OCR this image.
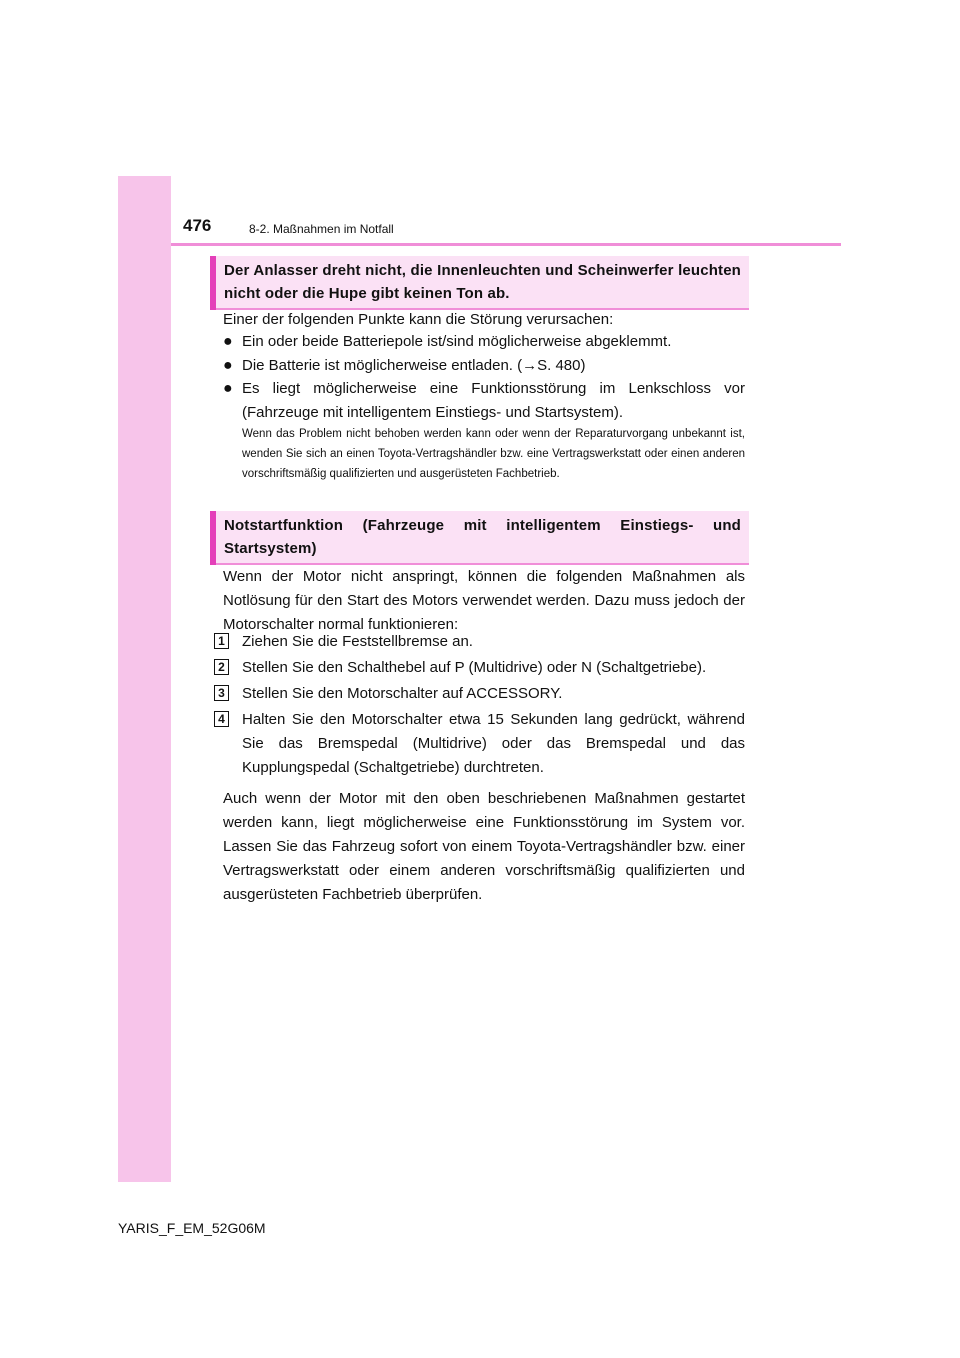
476	8-2. Maßnahmen im Notfall
Der Anlasser dreht nicht, die Innenleuchten und Scheinwerfer leuchten nicht oder die Hupe gibt keinen Ton ab.
Einer der folgenden Punkte kann die Störung verursachen:
● Ein oder beide Batteriepole ist/sind möglicherweise abgeklemmt.
● Die Batterie ist möglicherweise entladen. (→S. 480)
● Es liegt möglicherweise eine Funktionsstörung im Lenkschloss vor (Fahrzeuge mit intelligentem Einstiegs- und Startsystem).
Wenn das Problem nicht behoben werden kann oder wenn der Reparaturvorgang unbekannt ist, wenden Sie sich an einen Toyota-Vertragshändler bzw. eine Vertragswerkstatt oder einen anderen vorschriftsmäßig qualifizierten und ausgerüsteten Fachbetrieb.
Notstartfunktion (Fahrzeuge mit intelligentem Einstiegs- und Startsystem)
Wenn der Motor nicht anspringt, können die folgenden Maßnahmen als Notlösung für den Start des Motors verwendet werden. Dazu muss jedoch der Motorschalter normal funktionieren:
1 Ziehen Sie die Feststellbremse an.
2 Stellen Sie den Schalthebel auf P (Multidrive) oder N (Schaltgetriebe).
3 Stellen Sie den Motorschalter auf ACCESSORY.
4 Halten Sie den Motorschalter etwa 15 Sekunden lang gedrückt, während Sie das Bremspedal (Multidrive) oder das Bremspedal und das Kupplungspedal (Schaltgetriebe) durchtreten.
Auch wenn der Motor mit den oben beschriebenen Maßnahmen gestartet werden kann, liegt möglicherweise eine Funktionsstörung im System vor. Lassen Sie das Fahrzeug sofort von einem Toyota-Vertragshändler bzw. einer Vertragswerkstatt oder einem anderen vorschriftsmäßig qualifizierten und ausgerüsteten Fachbetrieb überprüfen.
YARIS_F_EM_52G06M
